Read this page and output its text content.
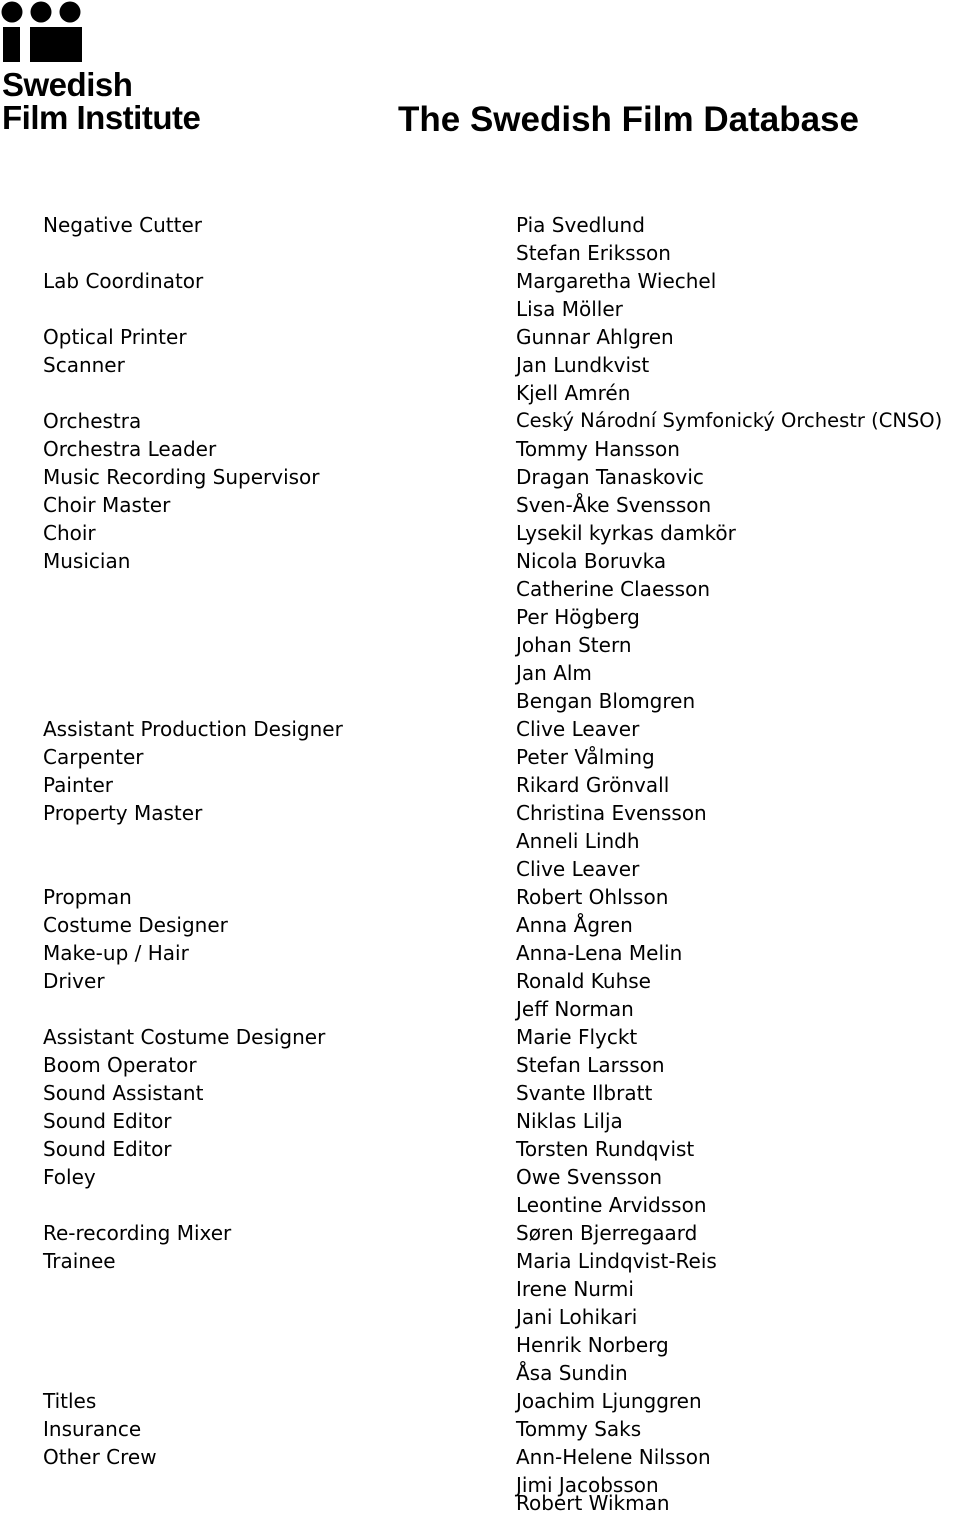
Swedish
Film Institute	The Swedish Film Database
Negative Cutter	Pia Svedlund
Stefan Eriksson
Lab Coordinator	Margaretha Wiechel
Lisa Möller
Optical Printer	Gunnar Ahlgren
Scanner	Jan Lundkvist
Kjell Amrén
Orchestra	Ceský Národní Symfonický Orchestr (CNSO)
Orchestra Leader	Tommy Hansson
Music Recording Supervisor	Dragan Tanaskovic
Choir Master	Sven-Åke Svensson
Choir	Lysekil kyrkas damkör
Musician	Nicola Boruvka
Catherine Claesson
Per Högberg
Johan Stern
Jan Alm
Bengan Blomgren
Assistant Production Designer	Clive Leaver
Carpenter	Peter Vålming
Painter	Rikard Grönvall
Property Master	Christina Evensson
Anneli Lindh
Clive Leaver
Propman	Robert Ohlsson
Costume Designer	Anna Ågren
Make-up / Hair	Anna-Lena Melin
Driver	Ronald Kuhse
Jeff Norman
Assistant Costume Designer	Marie Flyckt
Boom Operator	Stefan Larsson
Sound Assistant	Svante Ilbratt
Sound Editor	Niklas Lilja
Sound Editor	Torsten Rundqvist
Foley	Owe Svensson
Leontine Arvidsson
Re-recording Mixer	Søren Bjerregaard
Trainee	Maria Lindqvist-Reis
Irene Nurmi
Jani Lohikari
Henrik Norberg
Åsa Sundin
Titles	Joachim Ljunggren
Insurance	Tommy Saks
Other Crew	Ann-Helene Nilsson
Jimi Jacobsson
Robert Wikman
